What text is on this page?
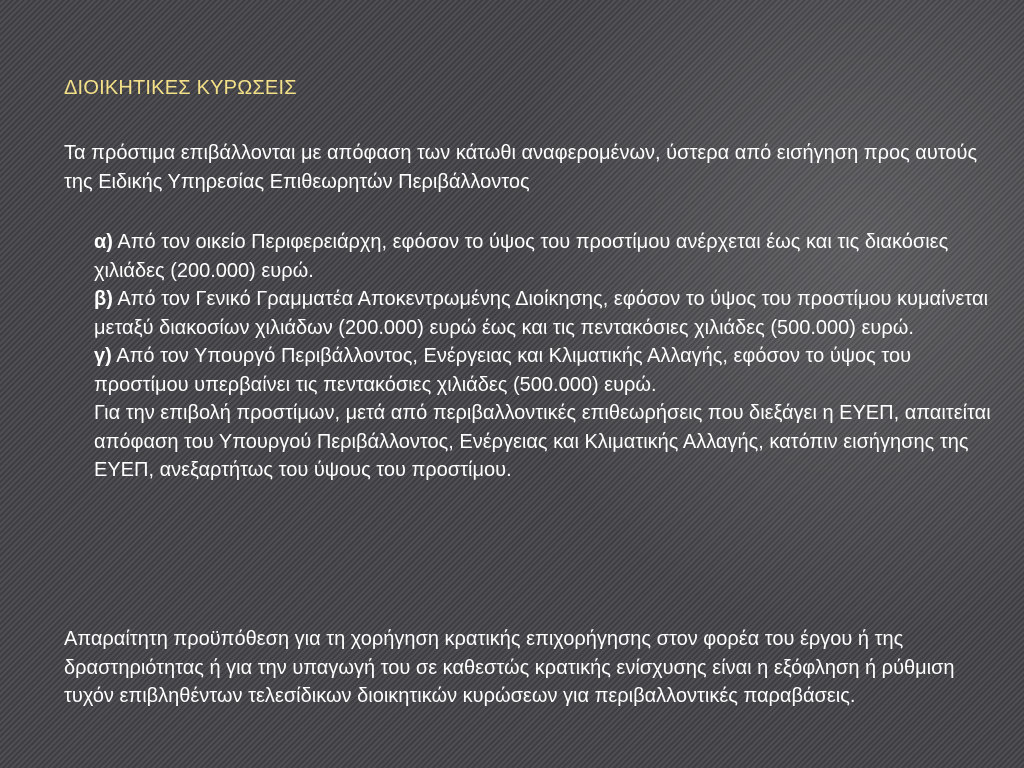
ΔΙΟΙΚΗΤΙΚΕΣ ΚΥΡΩΣΕΙΣ

Τα πρόστιμα επιβάλλονται με απόφαση των κάτωθι αναφερομένων, ύστερα από εισήγηση προς αυτούς της Ειδικής Υπηρεσίας Επιθεωρητών Περιβάλλοντος

α) Από τον οικείο Περιφερειάρχη, εφόσον το ύψος του προστίμου ανέρχεται έως και τις διακόσιες χιλιάδες (200.000) ευρώ.

β) Από τον Γενικό Γραμματέα Αποκεντρωμένης Διοίκησης, εφόσον το ύψος του προστίμου κυμαίνεται μεταξύ διακοσίων χιλιάδων (200.000) ευρώ έως και τις πεντακόσιες χιλιάδες (500.000) ευρώ.

γ) Από τον Υπουργό Περιβάλλοντος, Ενέργειας και Κλιματικής Αλλαγής, εφόσον το ύψος του προστίμου υπερβαίνει τις πεντακόσιες χιλιάδες (500.000) ευρώ.

Για την επιβολή προστίμων, μετά από περιβαλλοντικές επιθεωρήσεις που διεξάγει η ΕΥΕΠ, απαιτείται απόφαση του Υπουργού Περιβάλλοντος, Ενέργειας και Κλιματικής Αλλαγής, κατόπιν εισήγησης της ΕΥΕΠ, ανεξαρτήτως του ύψους του προστίμου.

Απαραίτητη προϋπόθεση για τη χορήγηση κρατικής επιχορήγησης στον φορέα του έργου ή της δραστηριότητας ή για την υπαγωγή του σε καθεστώς κρατικής ενίσχυσης είναι η εξόφληση ή ρύθμιση τυχόν επιβληθέντων τελεσίδικων διοικητικών κυρώσεων για περιβαλλοντικές παραβάσεις.
